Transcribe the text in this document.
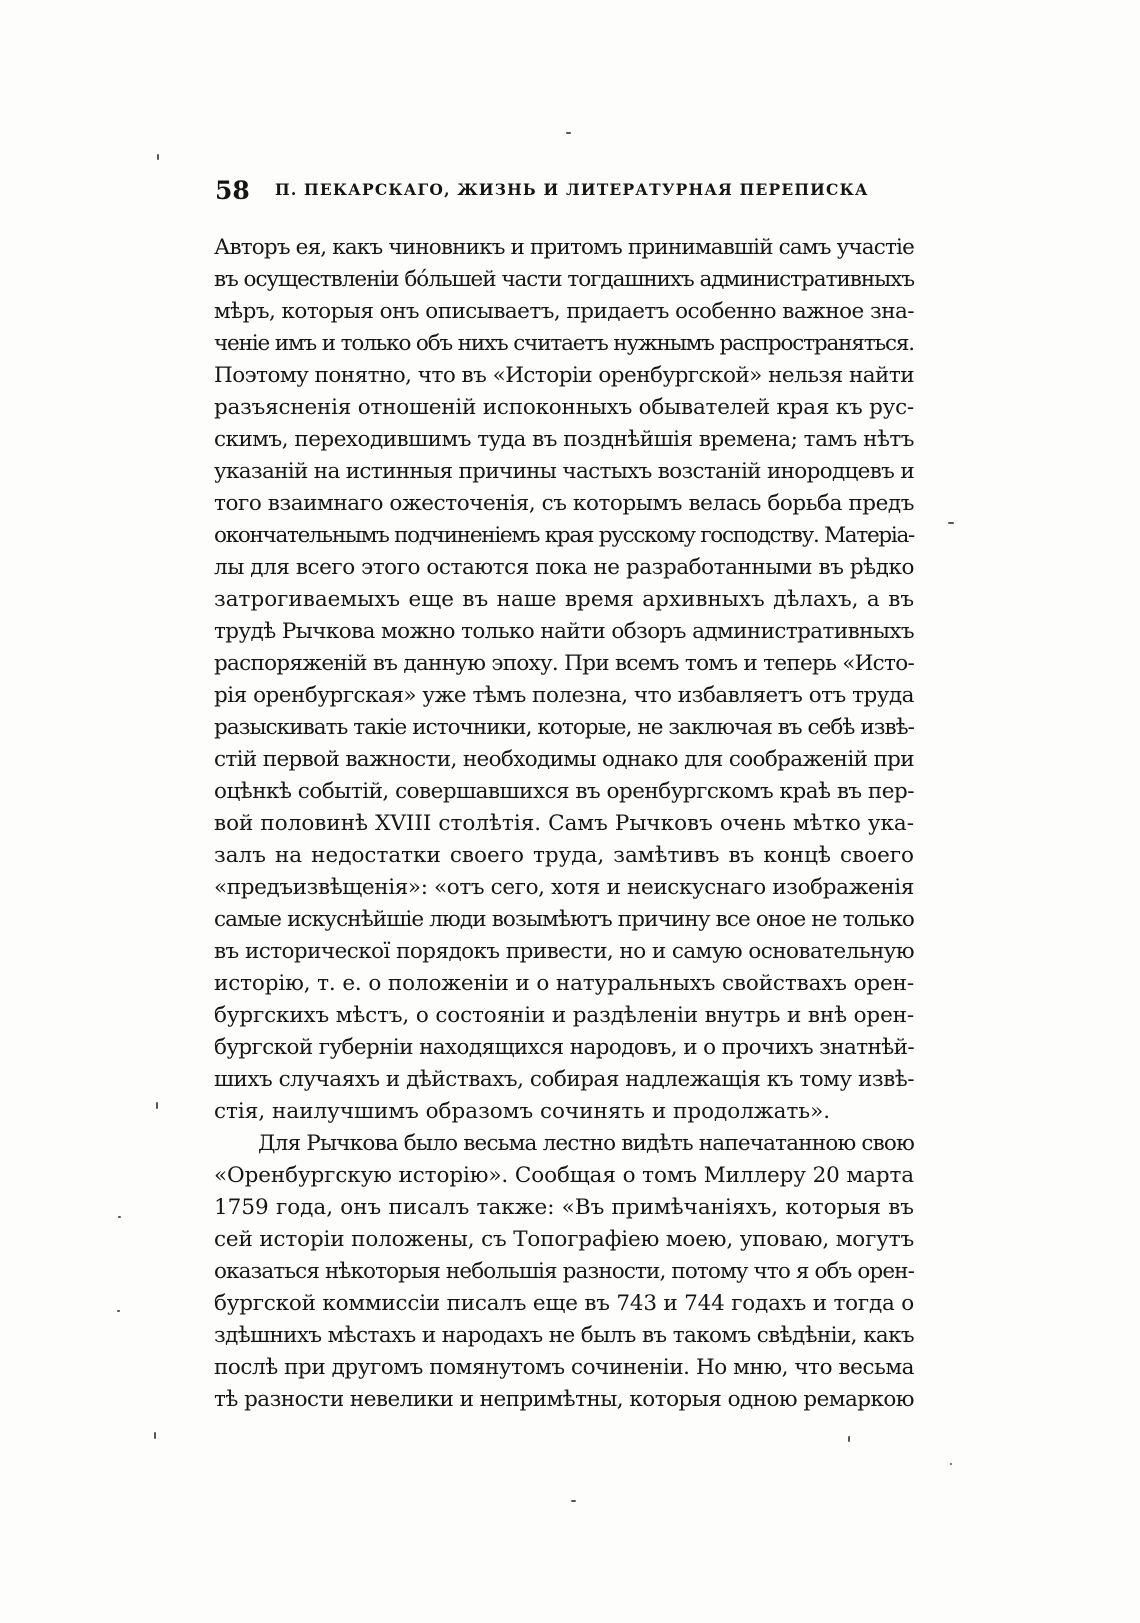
58 П. ПЕКАРСКАГО, ЖИЗНЬ И ЛИТЕРАТУРНАЯ ПЕРЕПИСКА
Авторъ ея, какъ чиновникъ и притомъ принимавшій самъ участіе
въ осуществленіи бóльшей части тогдашнихъ административныхъ
мѣръ, которыя онъ описываетъ, придаетъ особенно важное зна-
ченіе имъ и только объ нихъ считаетъ нужнымъ распространяться.
Поэтому понятно, что въ «Исторіи оренбургской» нельзя найти
разъясненія отношеній испоконныхъ обывателей края къ рус-
скимъ, переходившимъ туда въ позднѣйшія времена; тамъ нѣтъ
указаній на истинныя причины частыхъ возстаній инородцевъ и
того взаимнаго ожесточенія, съ которымъ велась борьба предъ
окончательнымъ подчиненіемъ края русскому господству. Матеріа-
лы для всего этого остаются пока не разработанными въ рѣдко
затрогиваемыхъ еще въ наше время архивныхъ дѣлахъ, а въ
трудѣ Рычкова можно только найти обзоръ административныхъ
распоряженій въ данную эпоху. При всемъ томъ и теперь «Исто-
рія оренбургская» уже тѣмъ полезна, что избавляетъ отъ труда
разыскивать такіе источники, которые, не заключая въ себѣ извѣ-
стій первой важности, необходимы однако для соображеній при
оцѣнкѣ событій, совершавшихся въ оренбургскомъ краѣ въ пер-
вой половинѣ XVIII столѣтія. Самъ Рычковъ очень мѣтко ука-
залъ на недостатки своего труда, замѣтивъ въ концѣ своего
«предъизвѣщенія»: «отъ сего, хотя и неискуснаго изображенія
самые искуснѣйшіе люди возымѣютъ причину все оное не только
въ историческої порядокъ привести, но и самую основательную
исторію, т. е. о положеніи и о натуральныхъ свойствахъ орен-
бургскихъ мѣстъ, о состояніи и раздѣленіи внутрь и внѣ орен-
бургской губерніи находящихся народовъ, и о прочихъ знатнѣй-
шихъ случаяхъ и дѣйствахъ, собирая надлежащія къ тому извѣ-
стія, наилучшимъ образомъ сочинять и продолжать».
Для Рычкова было весьма лестно видѣть напечатанною свою
«Оренбургскую исторію». Сообщая о томъ Миллеру 20 марта
1759 года, онъ писалъ также: «Въ примѣчаніяхъ, которыя въ
сей исторіи положены, съ Топографіею моею, уповаю, могутъ
оказаться нѣкоторыя небольшія разности, потому что я объ орен-
бургской коммиссіи писалъ еще въ 743 и 744 годахъ и тогда о
здѣшнихъ мѣстахъ и народахъ не былъ въ такомъ свѣдѣніи, какъ
послѣ при другомъ помянутомъ сочиненіи. Но мню, что весьма
тѣ разности невелики и непримѣтны, которыя одною ремаркою
